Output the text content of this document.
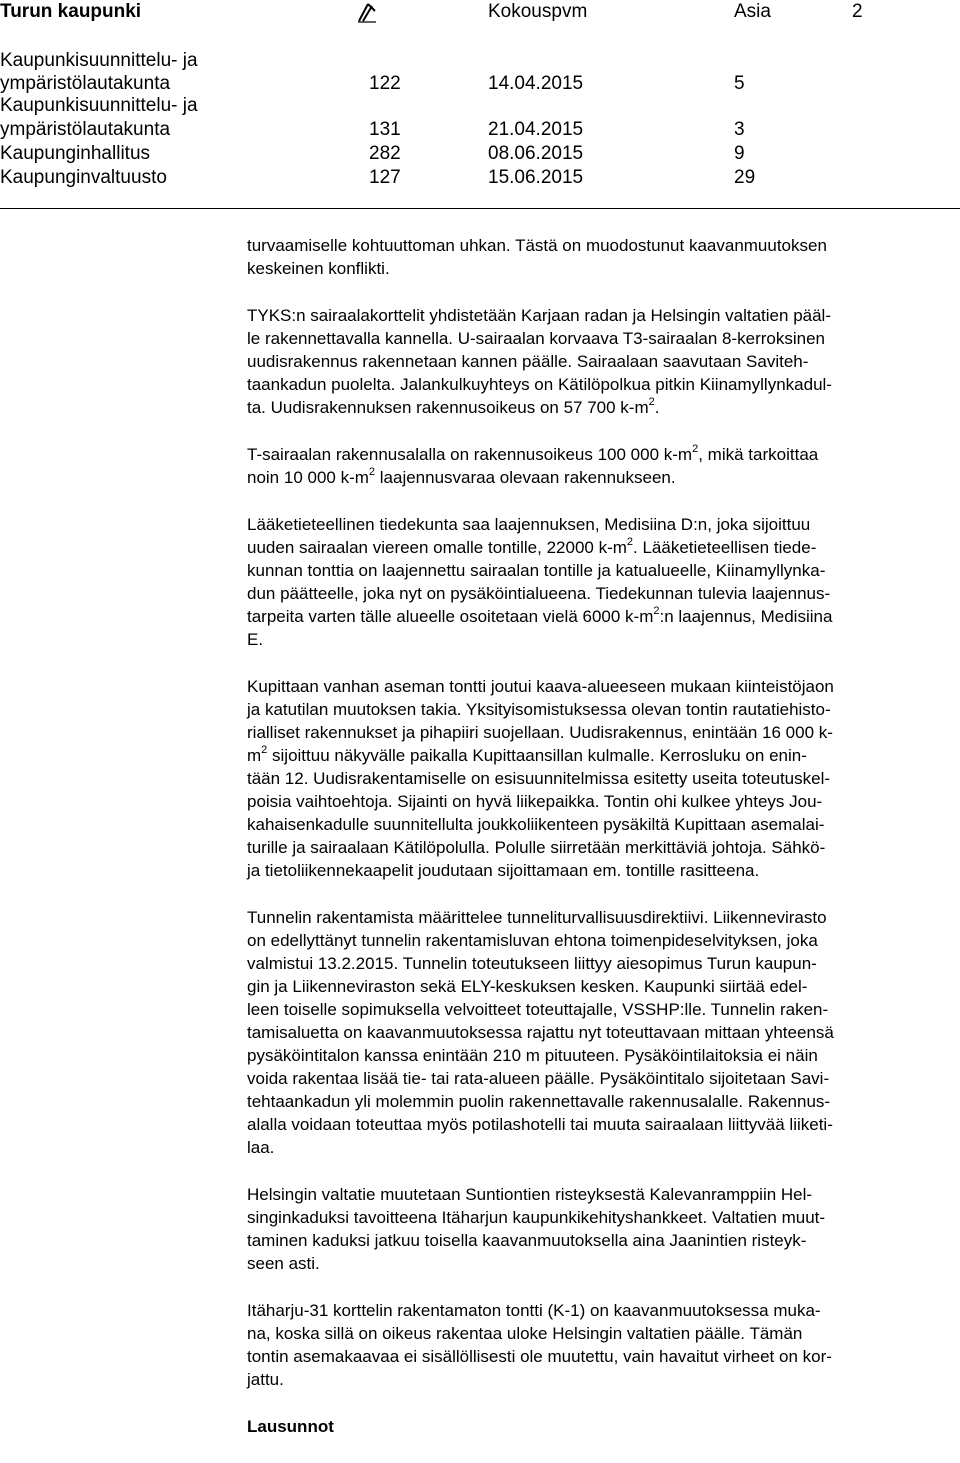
Turun kaupunki	Kokouspvm	Asia	2
Kaupunkisuunnittelu- ja
ympäristölautakunta	122	14.04.2015	5
Kaupunkisuunnittelu- ja
ympäristölautakunta	131	21.04.2015	3
Kaupunginhallitus	282	08.06.2015	9
Kaupunginvaltuusto	127	15.06.2015	29

turvaamiselle kohtuuttoman uhkan. Tästä on muodostunut kaavanmuutoksen
keskeinen konflikti.

TYKS:n sairaalakorttelit yhdistetään Karjaan radan ja Helsingin valtatien pääl-
le rakennettavalla kannella. U-sairaalan korvaava T3-sairaalan 8-kerroksinen
uudisrakennus rakennetaan kannen päälle. Sairaalaan saavutaan Saviteh-
taankadun puolelta. Jalankulkuyhteys on Kätilöpolkua pitkin Kiinamyllynkadul-
ta. Uudisrakennuksen rakennusoikeus on 57 700 $k-m^2$.

T-sairaalan rakennusalalla on rakennusoikeus 100 000 $k-m^2$, mikä tarkoittaa
noin 10 000 $k-m^2$ laajennusvaraa olevaan rakennukseen.

Lääketieteellinen tiedekunta saa laajennuksen, Medisiina D:n, joka sijoittuu
uuden sairaalan viereen omalle tontille, 22000 $k-m^2$. Lääketieteellisen tiede-
kunnan tonttia on laajennettu sairaalan tontille ja katualueelle, Kiinamyllynka-
dun päätteelle, joka nyt on pysäköintialueena. Tiedekunnan tulevia laajennus-
tarpeita varten tälle alueelle osoitetaan vielä 6000 $k-m^2:n$ laajennus, Medisiina
E.

Kupittaan vanhan aseman tontti joutui kaava-alueeseen mukaan kiinteistöjaon
ja katutilan muutoksen takia. Yksityisomistuksessa olevan tontin rautatiehisto-
rialliset rakennukset ja pihapiiri suojellaan. Uudisrakennus, enintään 16 000 k-
$m^2$ sijoittuu näkyvälle paikalla Kupittaansillan kulmalle. Kerrosluku on enin-
tään 12. Uudisrakentamiselle on esisuunnitelmissa esitetty useita toteutuskel-
poisia vaihtoehtoja. Sijainti on hyvä liikepaikka. Tontin ohi kulkee yhteys Jou-
kahaisenkadulle suunnitellulta joukkoliikenteen pysäkiltä Kupittaan asemalai-
turille ja sairaalaan Kätilöpolulla. Polulle siirretään merkittäviä johtoja. Sähkö-
ja tietoliikennekaapelit joudutaan sijoittamaan em. tontille rasitteena.

Tunnelin rakentamista määrittelee tunneliturvallisuusdirektiivi. Liikennevirasto
on edellyttänyt tunnelin rakentamisluvan ehtona toimenpideselvityksen, joka
valmistui 13.2.2015. Tunnelin toteutukseen liittyy aiesopimus Turun kaupun-
gin ja Liikenneviraston sekä ELY-keskuksen kesken. Kaupunki siirtää edel-
leen toiselle sopimuksella velvoitteet toteuttajalle, VSSHP:lle. Tunnelin raken-
tamisaluetta on kaavanmuutoksessa rajattu nyt toteuttavaan mittaan yhteensä
pysäköintitalon kanssa enintään 210 m pituuteen. Pysäköintilaitoksia ei näin
voida rakentaa lisää tie- tai rata-alueen päälle. Pysäköintitalo sijoitetaan Savi-
tehtaankadun yli molemmin puolin rakennettavalle rakennusalalle. Rakennus-
alalla voidaan toteuttaa myös potilashotelli tai muuta sairaalaan liittyvää liiketi-
laa.

Helsingin valtatie muutetaan Suntiontien risteyksestä Kalevanramppiin Hel-
singinkaduksi tavoitteena Itäharjun kaupunkikehityshankkeet. Valtatien muut-
taminen kaduksi jatkuu toisella kaavanmuutoksella aina Jaanintien risteyk-
seen asti.

Itäharju-31 korttelin rakentamaton tontti (K-1) on kaavanmuutoksessa muka-
na, koska sillä on oikeus rakentaa uloke Helsingin valtatien päälle. Tämän
tontin asemakaavaa ei sisällöllisesti ole muutettu, vain havaitut virheet on kor-
jattu.

Lausunnot
